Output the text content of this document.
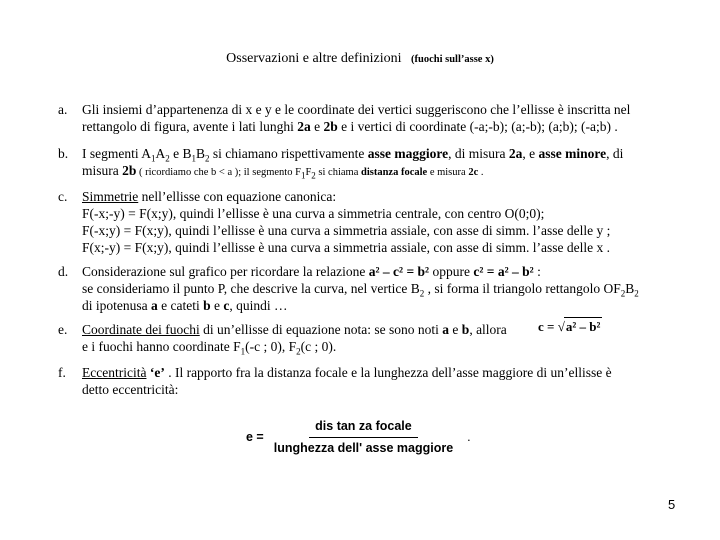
Osservazioni e altre definizioni (fuochi sull’asse x)
a. Gli insiemi d’appartenenza di x e y e le coordinate dei vertici suggeriscono che l’ellisse è inscritta nel
rettangolo di figura, avente i lati lunghi 2a e 2b e i vertici di coordinate (-a;-b); (a;-b); (a;b); (-a;b) .
b. I segmenti $A_1A_2$ e $B_1B_2$ si chiamano rispettivamente asse maggiore, di misura 2a, e asse minore, di
misura 2b ( ricordiamo che b < a ); il segmento $F_1F_2$ si chiama distanza focale e misura 2c .
c. Simmetrie nell’ellisse con equazione canonica:
F(-x;-y) = F(x;y), quindi l’ellisse è una curva a simmetria centrale, con centro O(0;0);
F(-x;y) = F(x;y), quindi l’ellisse è una curva a simmetria assiale, con asse di simm. l’asse delle y ;
F(x;-y) = F(x;y), quindi l’ellisse è una curva a simmetria assiale, con asse di simm. l’asse delle x .
d. Considerazione sul grafico per ricordare la relazione a² – c² = b² oppure c² = a² – b² :
se consideriamo il punto P, che descrive la curva, nel vertice $B_2$ , si forma il triangolo rettangolo $OF_2B_2$
di ipotenusa a e cateti b e c, quindi …
e. Coordinate dei fuochi di un’ellisse di equazione nota: se sono noti a e b, allora
e i fuochi hanno coordinate $F_1(-c$ ; 0), $F_2(c$ ; 0).
c = √a² – b²
f. Eccentricità ‘e’ . Il rapporto fra la distanza focale e la lunghezza dell’asse maggiore di un’ellisse è
detto eccentricità:
$e = \frac{\text{dis tan za focale}}{\text{lunghezza dell' asse maggiore}}$ .
5
